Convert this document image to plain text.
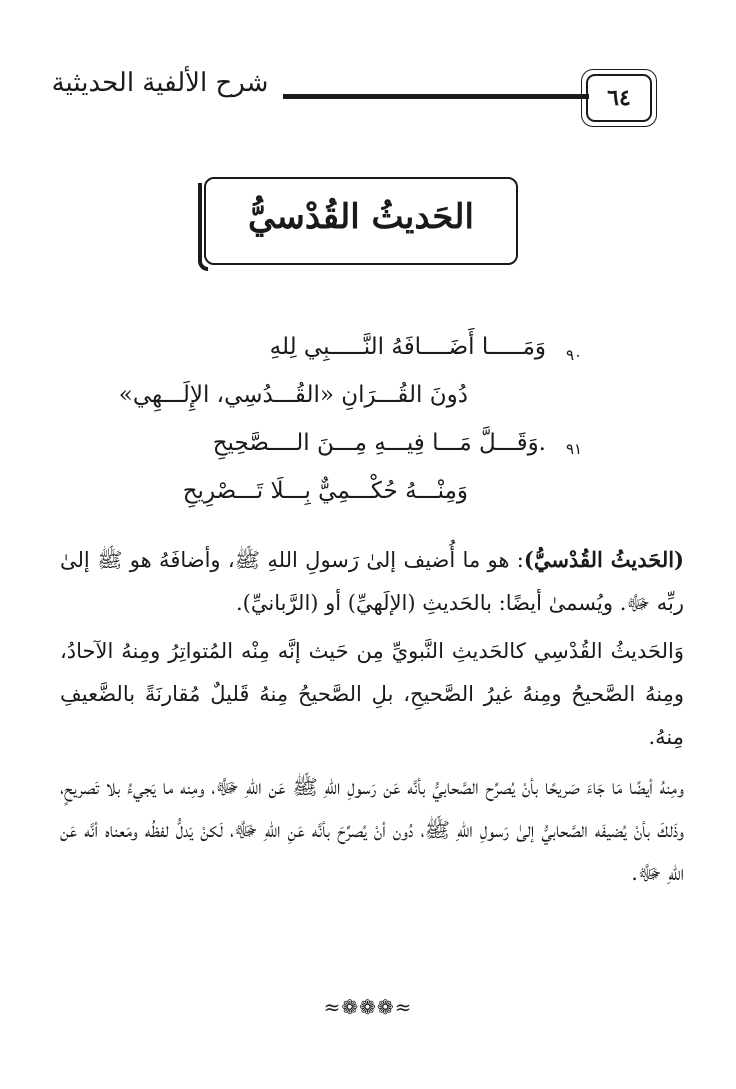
شرح الألفية الحديثية	٦٤
الحَديثُ القُدْسيُّ
٩٠
وَمَـــــا أَضَــــافَهُ النَّـــــبِي لِلهِ
دُونَ القُـــرَانِ «القُـــدُسِي، الإِلَـــهِي»
٩١
.وَقَـــلَّ مَـــا فِيـــهِ مِـــنَ الــــصَّحِيحِ
وَمِنْـــهُ حُكْـــمِيٌّ بِـــلَا تَـــصْرِيحِ

(الحَديثُ القُدْسيُّ): هو ما أُضيف إلىٰ رَسولِ اللهِ ﷺ، وأضافَهُ هو ﷺ إلىٰ ربِّه ﷻ. ويُسمىٰ أيضًا: بالحَديثِ (الإلَهيِّ) أو (الرَّبانيِّ).

وَالحَديثُ القُدْسِي كالحَديثِ النَّبويِّ مِن حَيث إنَّه مِنْه المُتواتِرُ ومِنهُ الآحادُ، ومِنهُ الصَّحيحُ ومِنهُ غيرُ الصَّحيحِ، بلِ الصَّحيحُ مِنهُ قَليلٌ مُقارنَةً بالضَّعيفِ مِنهُ.

ومِنهُ أيضًا مَا جَاءَ صَريحًا بأنْ يُصرِّح الصَّحابيُّ بأنَّه عَن رَسولِ اللهِ ﷺ عَن اللهِ ﷻ، ومِنه ما يَجيءُ بلا تَصريحٍ، وذَلكَ بأنْ يُضيفَه الصَّحابيُّ إلىٰ رَسولِ اللهِ ﷺ، دُون أنْ يُصرِّحَ بأنَّه عَنِ اللهِ ﷻ، لَكنْ يَدلُّ لفظُه ومَعناه أنَّه عَن اللهِ ﷻ.

≈❁❁❁≈
